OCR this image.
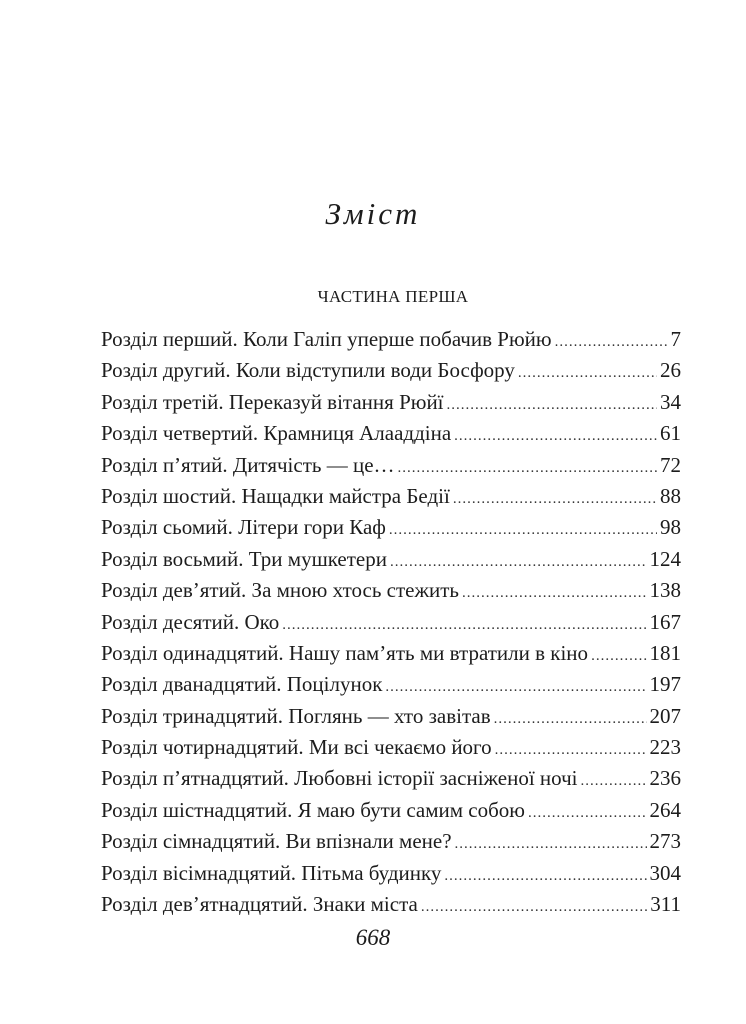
Зміст
ЧАСТИНА ПЕРША
Розділ перший. Коли Галіп уперше побачив Рюйю .....	7
Розділ другий. Коли відступили води Босфору .....	26
Розділ третій. Переказуй вітання Рюйї .....	34
Розділ четвертий. Крамниця Алааддіна .....	61
Розділ п’ятий. Дитячість — це… .....	72
Розділ шостий. Нащадки майстра Бедії .....	88
Розділ сьомий. Літери гори Каф .....	98
Розділ восьмий. Три мушкетери .....	124
Розділ дев’ятий. За мною хтось стежить .....	138
Розділ десятий. Око .....	167
Розділ одинадцятий. Нашу пам’ять ми втратили в кіно .....	181
Розділ дванадцятий. Поцілунок .....	197
Розділ тринадцятий. Поглянь — хто завітав .....	207
Розділ чотирнадцятий. Ми всі чекаємо його .....	223
Розділ п’ятнадцятий. Любовні історії засніженої ночі .....	236
Розділ шістнадцятий. Я маю бути самим собою .....	264
Розділ сімнадцятий. Ви впізнали мене? .....	273
Розділ вісімнадцятий. Пітьма будинку .....	304
Розділ дев’ятнадцятий. Знаки міста .....	311
668
